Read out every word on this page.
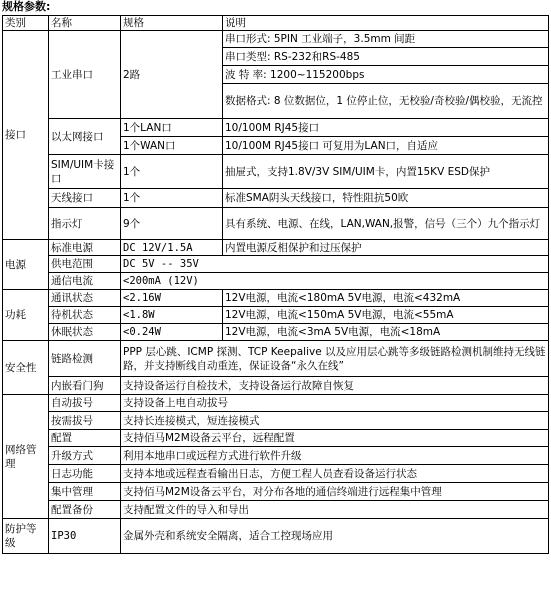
规格参数:
类别	名称	规格	说明
接口	工业串口	2路	串口形式: 5PIN 工业端子，3.5mm 间距
			串口类型: RS-232和RS-485
			波 特 率: 1200~115200bps
			数据格式: 8 位数据位，1 位停止位，无校验/奇校验/偶校验，无流控
	以太网接口	1个LAN口	10/100M RJ45接口
		1个WAN口	10/100M RJ45接口 可复用为LAN口，自适应
	SIM/UIM卡接口	1个	抽屉式，支持1.8V/3V SIM/UIM卡，内置15KV ESD保护
	天线接口	1个	标准SMA阴头天线接口，特性阻抗50欧
	指示灯	9个	具有系统、电源、在线，LAN,WAN,报警，信号（三个）九个指示灯
电源	标准电源	DC 12V/1.5A	内置电源反相保护和过压保护
	供电范围	DC 5V -- 35V	
	通信电流	<200mA (12V)	
功耗	通讯状态	<2.16W	12V电源，电流<180mA 5V电源，电流<432mA
	待机状态	<1.8W	12V电源，电流<150mA 5V电源，电流<55mA
	休眠状态	<0.24W	12V电源，电流<3mA 5V电源，电流<18mA
安全性	链路检测	PPP 层心跳、ICMP 探测、TCP Keepalive 以及应用层心跳等多级链路检测机制维持无线链路，并支持断线自动重连，保证设备“永久在线”	
	内嵌看门狗	支持设备运行自检技术，支持设备运行故障自恢复	
网络管理	自动拔号	支持设备上电自动拔号	
	按需拔号	支持长连接模式，短连接模式	
	配置	支持佰马M2M设备云平台，远程配置	
	升级方式	利用本地串口或远程方式进行软件升级	
	日志功能	支持本地或远程查看输出日志，方便工程人员查看设备运行状态	
	集中管理	支持佰马M2M设备云平台，对分布各地的通信终端进行远程集中管理	
	配置备份	支持配置文件的导入和导出	
防护等级	IP30	金属外壳和系统安全隔离，适合工控现场应用	
